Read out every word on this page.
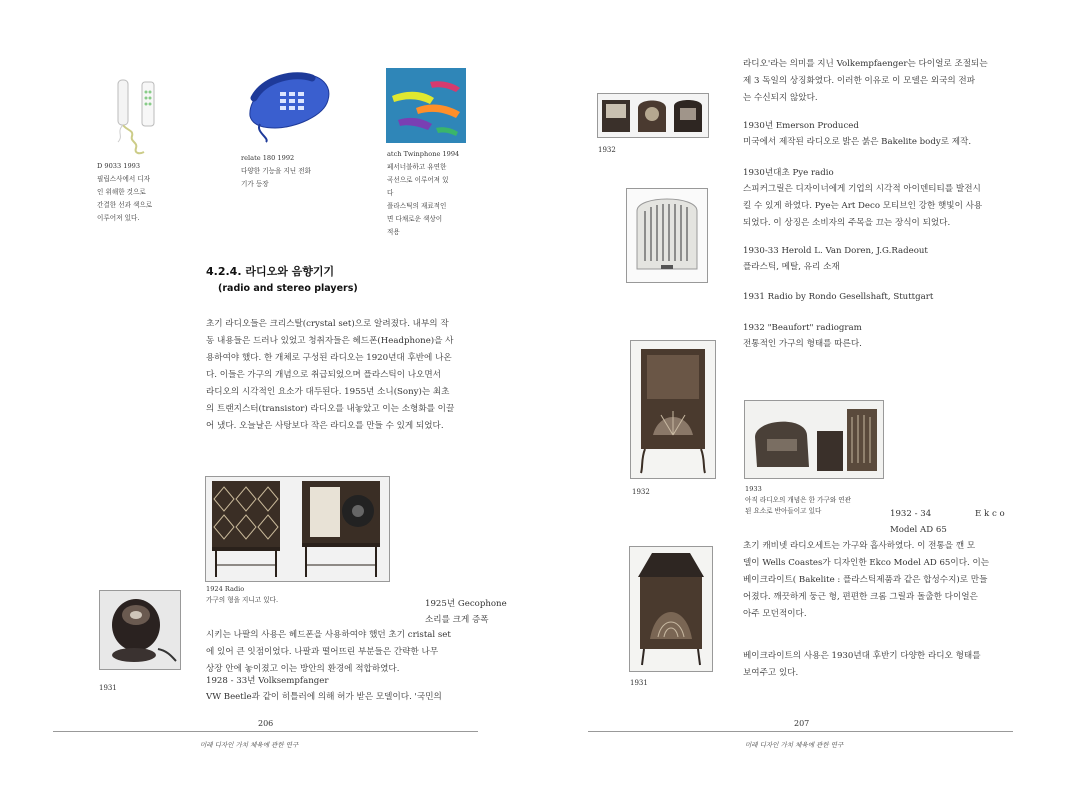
D 9033 1993
필립스사에서 디자
인 위해한 것으로
간결한 선과 색으로
이루어져 있다.
relate 180 1992
다양한 기능을 지닌 전화
기가 등장
atch Twinphone 1994
페서너블하고 유연한
곡선으로 이루어져 있
다
플라스틱의 재료적인
면 다채로운 색상이
적용
4.2.4. 라디오와 음향기기
(radio and stereo players)
초기 라디오들은 크리스탈(crystal set)으로 알려졌다. 내부의 작
동 내용들은 드러나 있었고 청취자들은 헤드폰(Headphone)을 사
용하여야 했다. 한 개체로 구성된 라디오는 1920년대 후반에 나온
다. 이들은 가구의 개념으로 취급되었으며 플라스틱이 나오면서
라디오의 시각적인 요소가 대두된다. 1955년 소니(Sony)는 최초
의 트랜지스터(transistor) 라디오를 내놓았고 이는 소형화를 이끌
어 냈다. 오늘날은 사탕보다 작은 라디오를 만들 수 있게 되었다.
1924 Radio
가구의 형을 지니고 있다.	1925년 Gecophone
소리를 크게 증폭
시키는 나팔의 사용은 헤드폰을 사용하여야 했던 초기 cristal set
에 있어 큰 잇점이었다. 나팔과 떨어뜨린 부분들은 간략한 나무
상장 안에 놓이졌고 이는 방안의 환경에 적합하였다.
1928 - 33년 Volksempfanger
VW Beetle과 같이 히틀러에 의해 허가 받은 모델이다. '국민의
1931
206
미래 디자인 가치 체육에 관한 연구
라디오'라는 의미를 지닌 Volkempfaenger는 다이얼로 조절되는
제 3 독일의 상징화였다. 이러한 이유로 이 모델은 외국의 전파
는 수신되지 않았다.
1932
1930년 Emerson Produced
미국에서 제작된 라디오로 밝은 붉은 Bakelite body로 제작.
1930년대초 Pye radio
스피커그릴은 디자이너에게 기업의 시각적 아이덴티티를 발전시
킬 수 있게 하였다. Pye는 Art Deco 모티브인 강한 햇빛이 사용
되었다. 이 상징은 소비자의 주목을 끄는 장식이 되었다.
1930-33 Herold L. Van Doren, J.G.Radeout
플라스틱, 메탈, 유리 소재
1931 Radio by Rondo Gesellshaft, Stuttgart
1932 "Beaufort" radiogram
전통적인 가구의 형태를 따른다.
1932	1933
아직 라디오의 개념은 한 가구와 연관
된 요소로 반아들이고 있다	1932 - 34	E k c o
Model AD 65
초기 캐비넷 라디오세트는 가구와 흡사하였다. 이 전통을 깬 모
델이 Wells Coastes가 디자인한 Ekco Model AD 65이다. 이는
베이크라이트( Bakelite : 플라스틱제품과 같은 합성수지)로 만들
어졌다. 깨끗하게 둥근 형, 편편한 크롬 그릴과 돌출한 다이얼은
아주 모던적이다.
1931
베이크라이트의 사용은 1930년대 후반기 다양한 라디오 형태를
보여주고 있다.
207
미래 디자인 가치 체육에 관한 연구
